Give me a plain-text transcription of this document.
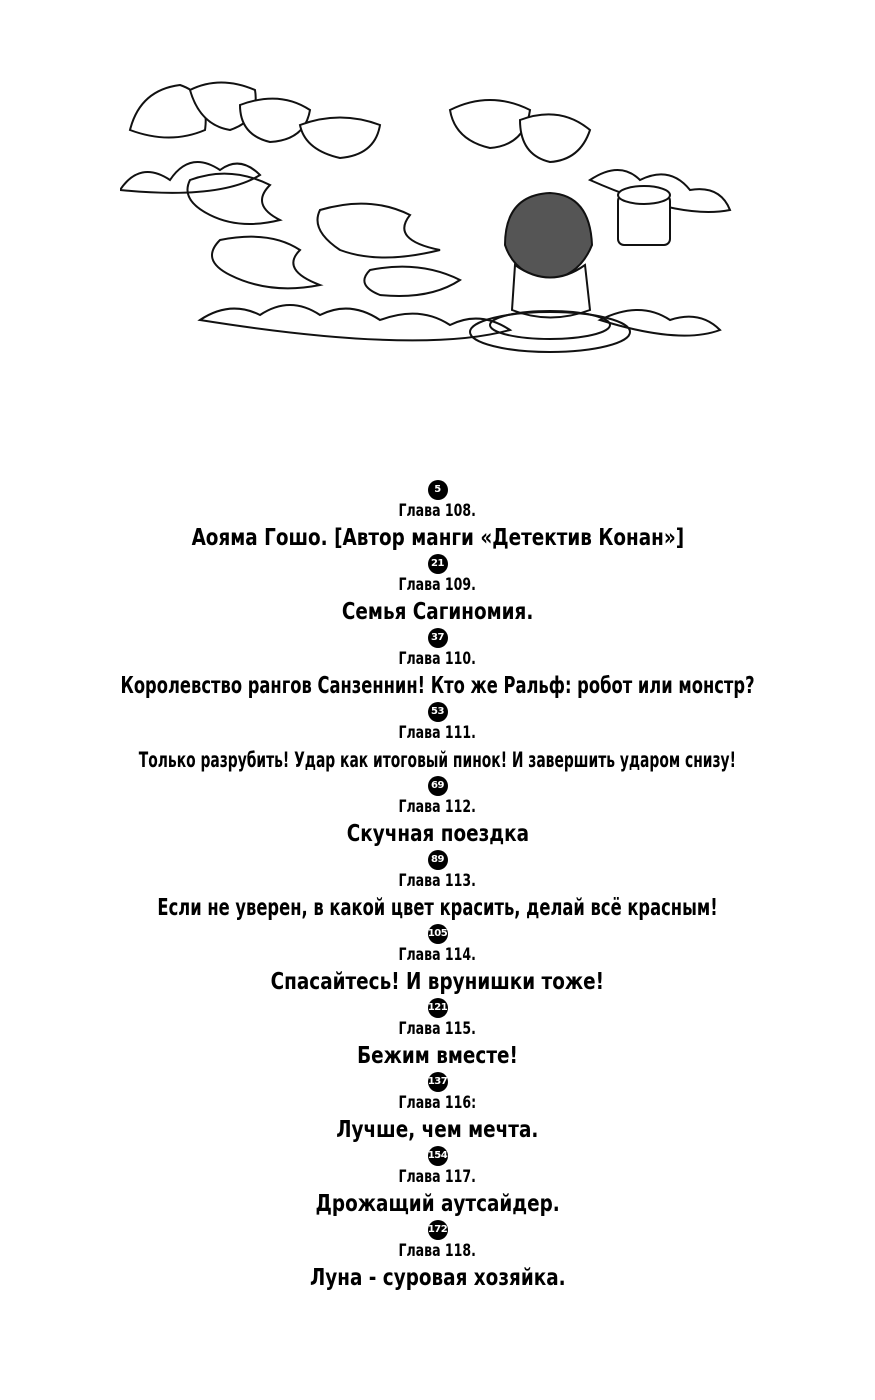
5
Глава 108.
Аояма Гошо. [Автор манги «Детектив Конан»]
21
Глава 109.
Семья Сагиномия.
37
Глава 110.
Королевство рангов Санзеннин! Кто же Ральф: робот или монстр?
53
Глава 111.
Только разрубить! Удар как итоговый пинок! И завершить ударом снизу!
69
Глава 112.
Скучная поездка
89
Глава 113.
Если не уверен, в какой цвет красить, делай всё красным!
105
Глава 114.
Спасайтесь! И врунишки тоже!
121
Глава 115.
Бежим вместе!
137
Глава 116:
Лучше, чем мечта.
154
Глава 117.
Дрожащий аутсайдер.
172
Глава 118.
Луна - суровая хозяйка.
